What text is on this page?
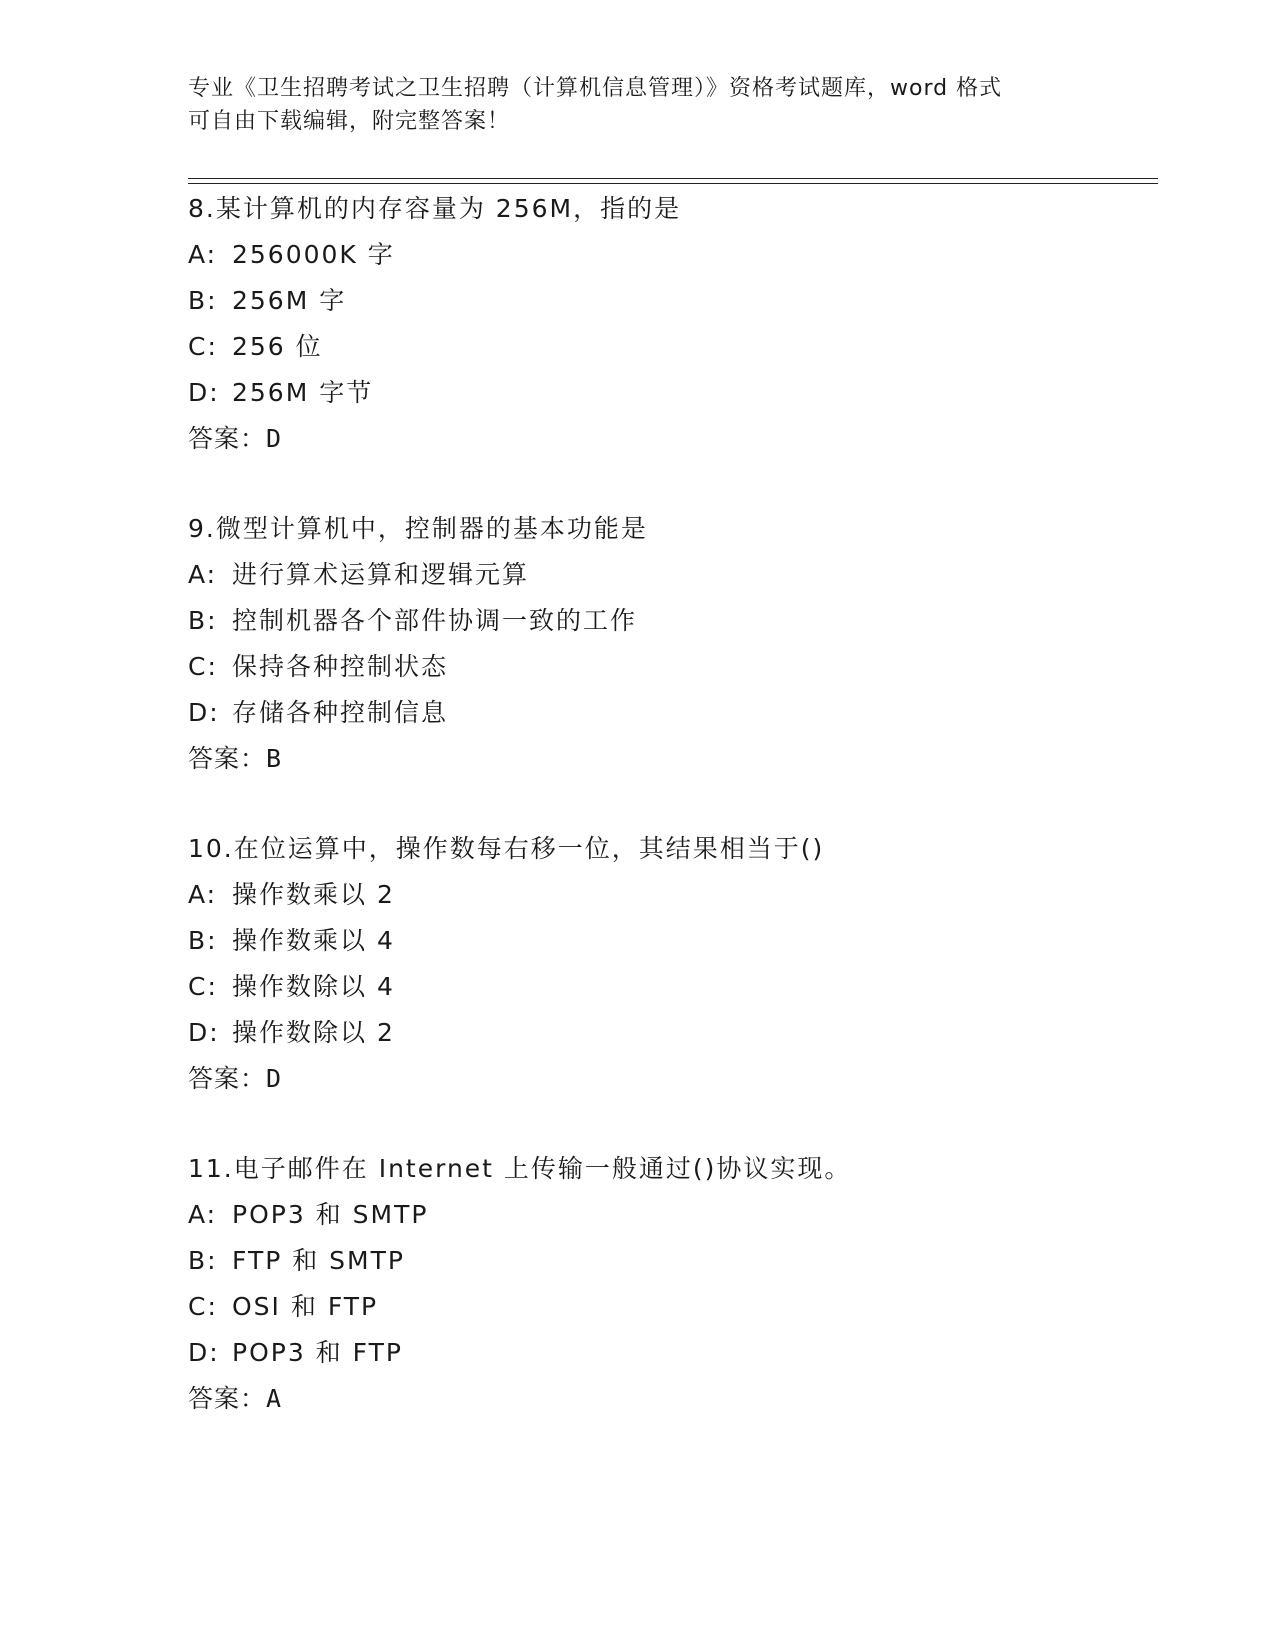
专业《卫生招聘考试之卫生招聘（计算机信息管理）》资格考试题库，word 格式
可自由下载编辑，附完整答案！
8.某计算机的内存容量为 256M，指的是
A: 256000K 字
B: 256M 字
C: 256 位
D: 256M 字节
答案：D
9.微型计算机中，控制器的基本功能是
A: 进行算术运算和逻辑元算
B: 控制机器各个部件协调一致的工作
C: 保持各种控制状态
D: 存储各种控制信息
答案：B
10.在位运算中，操作数每右移一位，其结果相当于()
A: 操作数乘以 2
B: 操作数乘以 4
C: 操作数除以 4
D: 操作数除以 2
答案：D
11.电子邮件在 Internet 上传输一般通过()协议实现。
A: POP3 和 SMTP
B: FTP 和 SMTP
C: OSI 和 FTP
D: POP3 和 FTP
答案：A
